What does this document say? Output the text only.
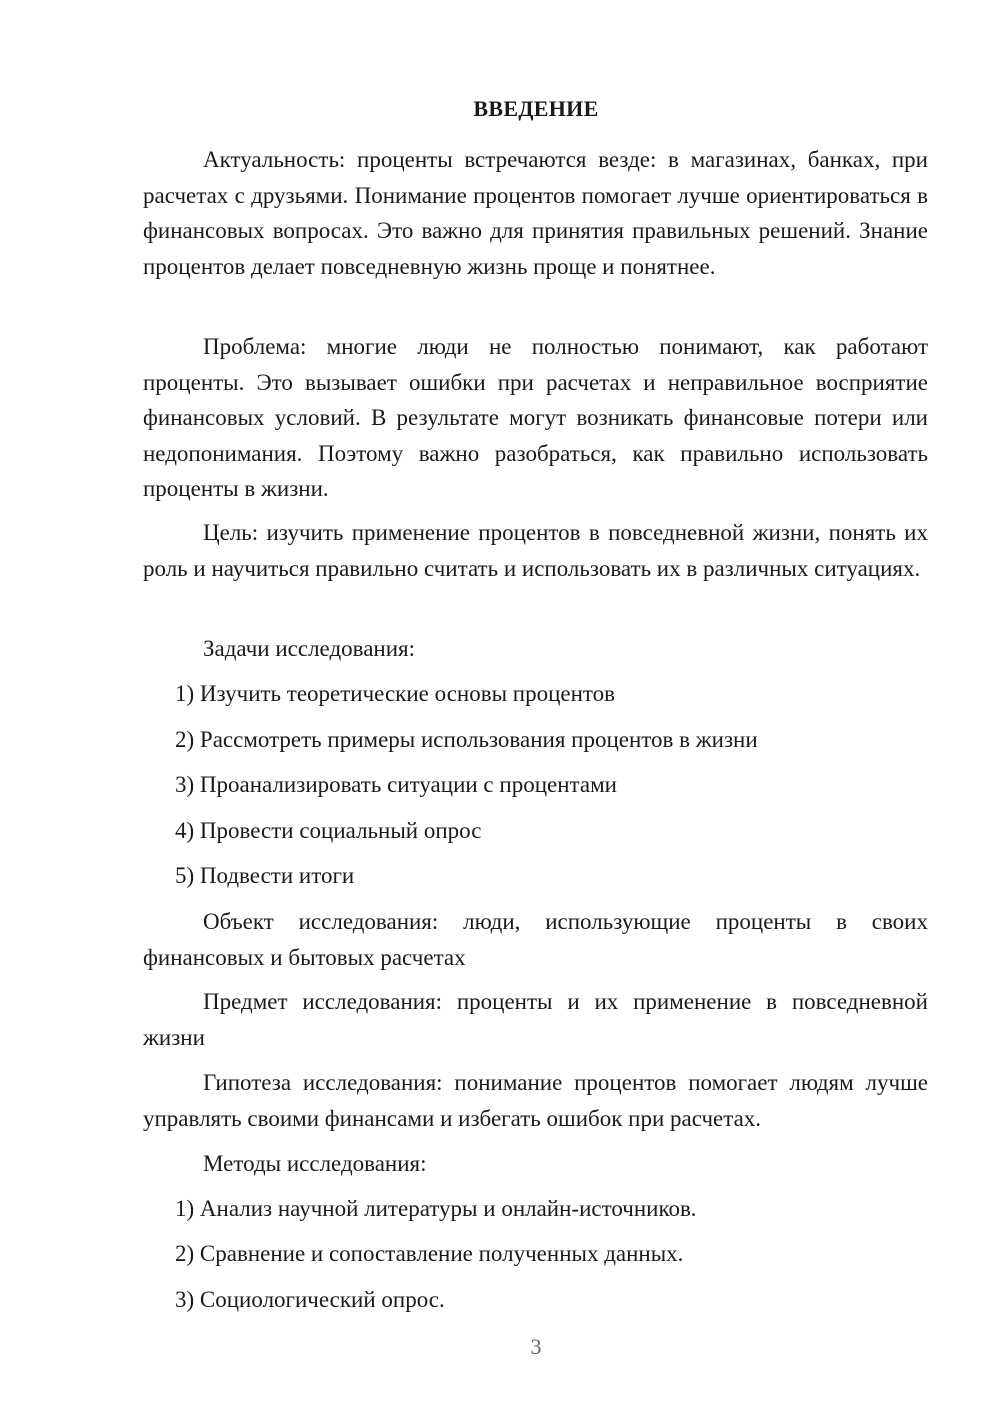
ВВЕДЕНИЕ

Актуальность: проценты встречаются везде: в магазинах, банках, при расчетах с друзьями. Понимание процентов помогает лучше ориентироваться в финансовых вопросах. Это важно для принятия правильных решений. Знание процентов делает повседневную жизнь проще и понятнее.

Проблема: многие люди не полностью понимают, как работают проценты. Это вызывает ошибки при расчетах и неправильное восприятие финансовых условий. В результате могут возникать финансовые потери или недопонимания. Поэтому важно разобраться, как правильно использовать проценты в жизни.

Цель: изучить применение процентов в повседневной жизни, понять их роль и научиться правильно считать и использовать их в различных ситуациях.

Задачи исследования:

1) Изучить теоретические основы процентов

2) Рассмотреть примеры использования процентов в жизни

3) Проанализировать ситуации с процентами

4) Провести социальный опрос

5) Подвести итоги

Объект исследования: люди, использующие проценты в своих финансовых и бытовых расчетах

Предмет исследования: проценты и их применение в повседневной жизни

Гипотеза исследования: понимание процентов помогает людям лучше управлять своими финансами и избегать ошибок при расчетах.

Методы исследования:

1) Анализ научной литературы и онлайн-источников.

2) Сравнение и сопоставление полученных данных.

3) Социологический опрос.

3
